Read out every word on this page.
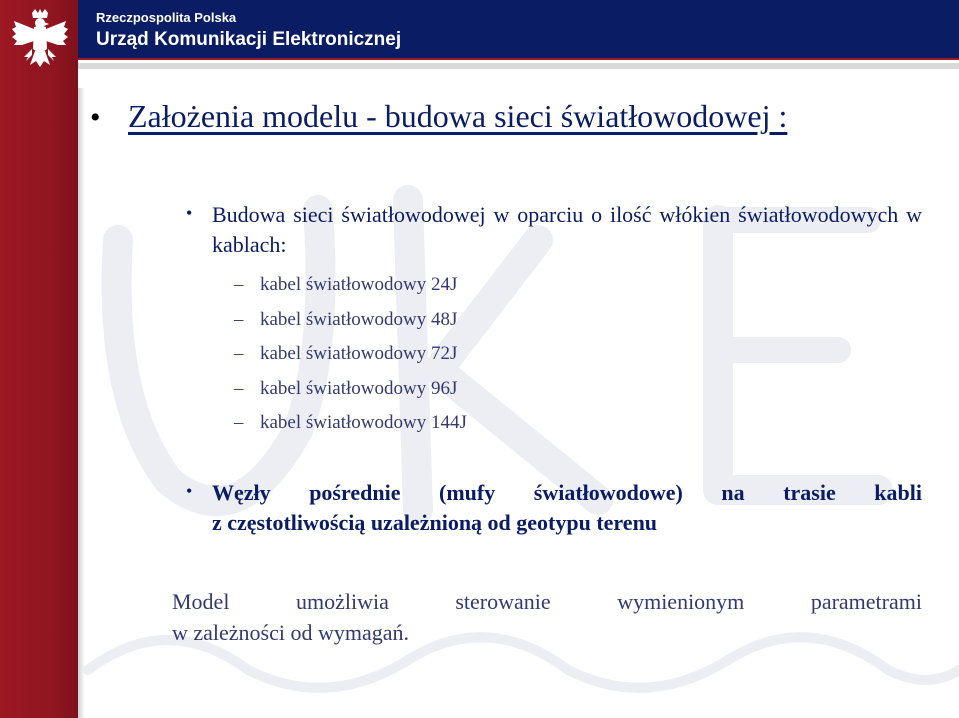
Rzeczpospolita Polska
Urząd Komunikacji Elektronicznej
• Założenia modelu - budowa sieci światłowodowej :
• Budowa sieci światłowodowej w oparciu o ilość włókien światłowodowych w kablach:
– kabel światłowodowy 24J
– kabel światłowodowy 48J
– kabel światłowodowy 72J
– kabel światłowodowy 96J
– kabel światłowodowy 144J
• Węzły pośrednie (mufy światłowodowe) na trasie kabli
z częstotliwością uzależnioną od geotypu terenu
Model umożliwia sterowanie wymienionym parametrami
w zależności od wymagań.
